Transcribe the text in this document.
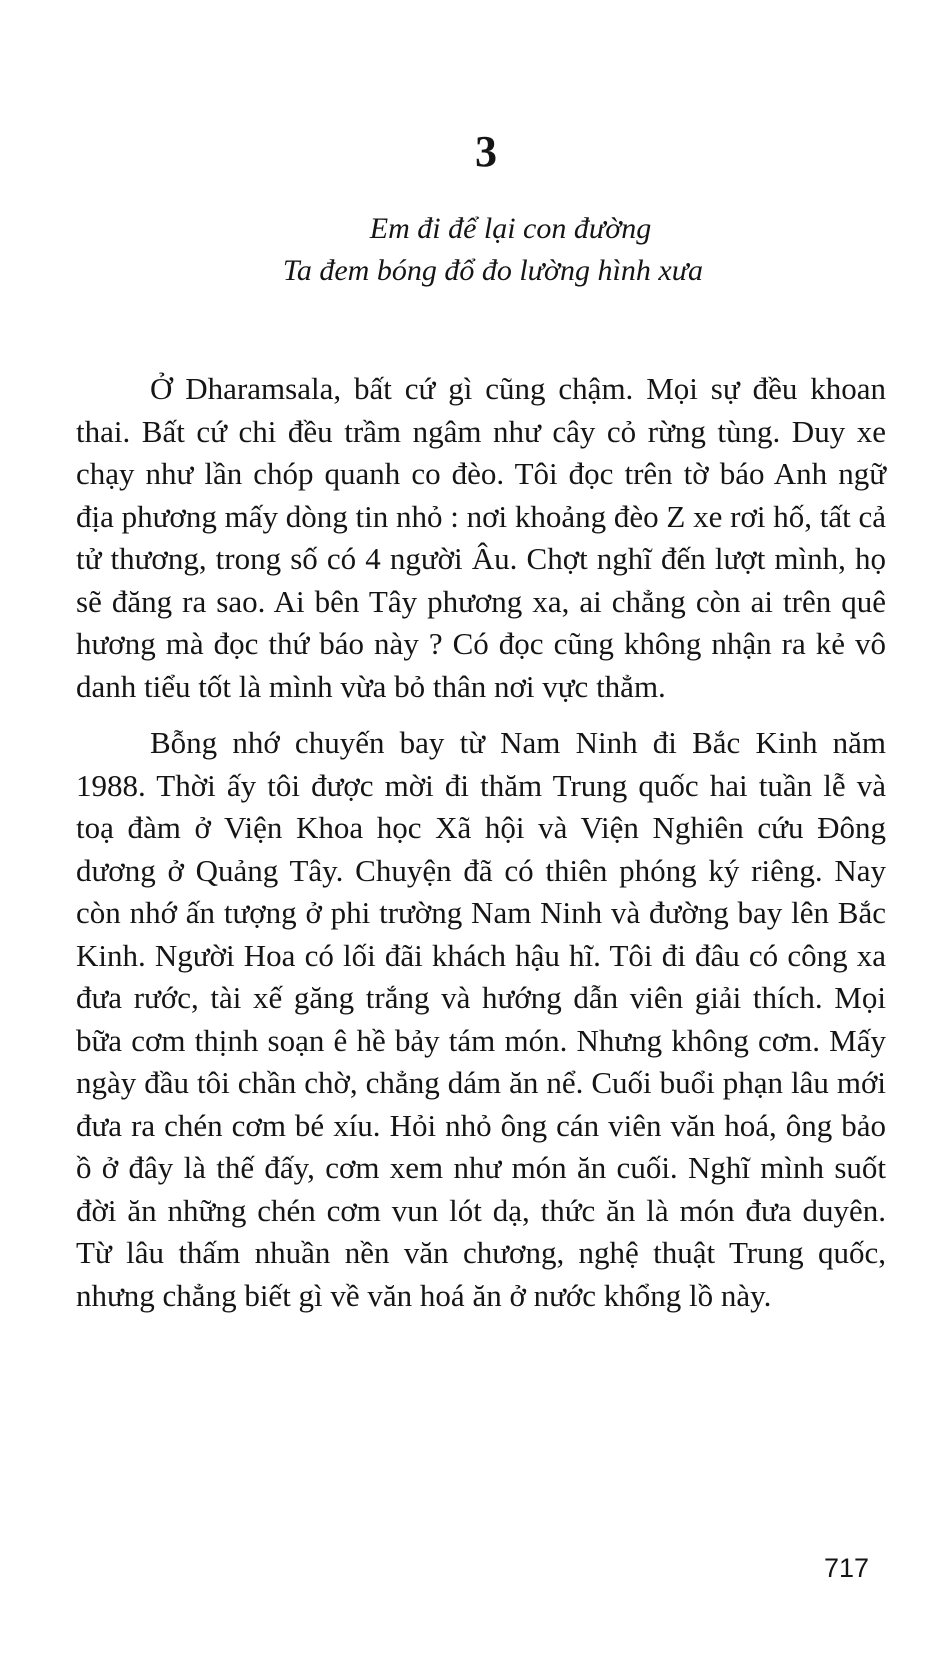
3
Em đi để lại con đường
Ta đem bóng đổ đo lường hình xưa

Ở Dharamsala, bất cứ gì cũng chậm. Mọi sự đều khoan thai. Bất cứ chi đều trầm ngâm như cây cỏ rừng tùng. Duy xe chạy như lần chóp quanh co đèo. Tôi đọc trên tờ báo Anh ngữ địa phương mấy dòng tin nhỏ : nơi khoảng đèo Z xe rơi hố, tất cả tử thương, trong số có 4 người Âu. Chợt nghĩ đến lượt mình, họ sẽ đăng ra sao. Ai bên Tây phương xa, ai chẳng còn ai trên quê hương mà đọc thứ báo này ? Có đọc cũng không nhận ra kẻ vô danh tiểu tốt là mình vừa bỏ thân nơi vực thẳm.

Bỗng nhớ chuyến bay từ Nam Ninh đi Bắc Kinh năm 1988. Thời ấy tôi được mời đi thăm Trung quốc hai tuần lễ và toạ đàm ở Viện Khoa học Xã hội và Viện Nghiên cứu Đông dương ở Quảng Tây. Chuyện đã có thiên phóng ký riêng. Nay còn nhớ ấn tượng ở phi trường Nam Ninh và đường bay lên Bắc Kinh. Người Hoa có lối đãi khách hậu hĩ. Tôi đi đâu có công xa đưa rước, tài xế găng trắng và hướng dẫn viên giải thích. Mọi bữa cơm thịnh soạn ê hề bảy tám món. Nhưng không cơm. Mấy ngày đầu tôi chần chờ, chẳng dám ăn nể. Cuối buổi phạn lâu mới đưa ra chén cơm bé xíu. Hỏi nhỏ ông cán viên văn hoá, ông bảo ồ ở đây là thế đấy, cơm xem như món ăn cuối. Nghĩ mình suốt đời ăn những chén cơm vun lót dạ, thức ăn là món đưa duyên. Từ lâu thấm nhuần nền văn chương, nghệ thuật Trung quốc, nhưng chẳng biết gì về văn hoá ăn ở nước khổng lồ này.

717
